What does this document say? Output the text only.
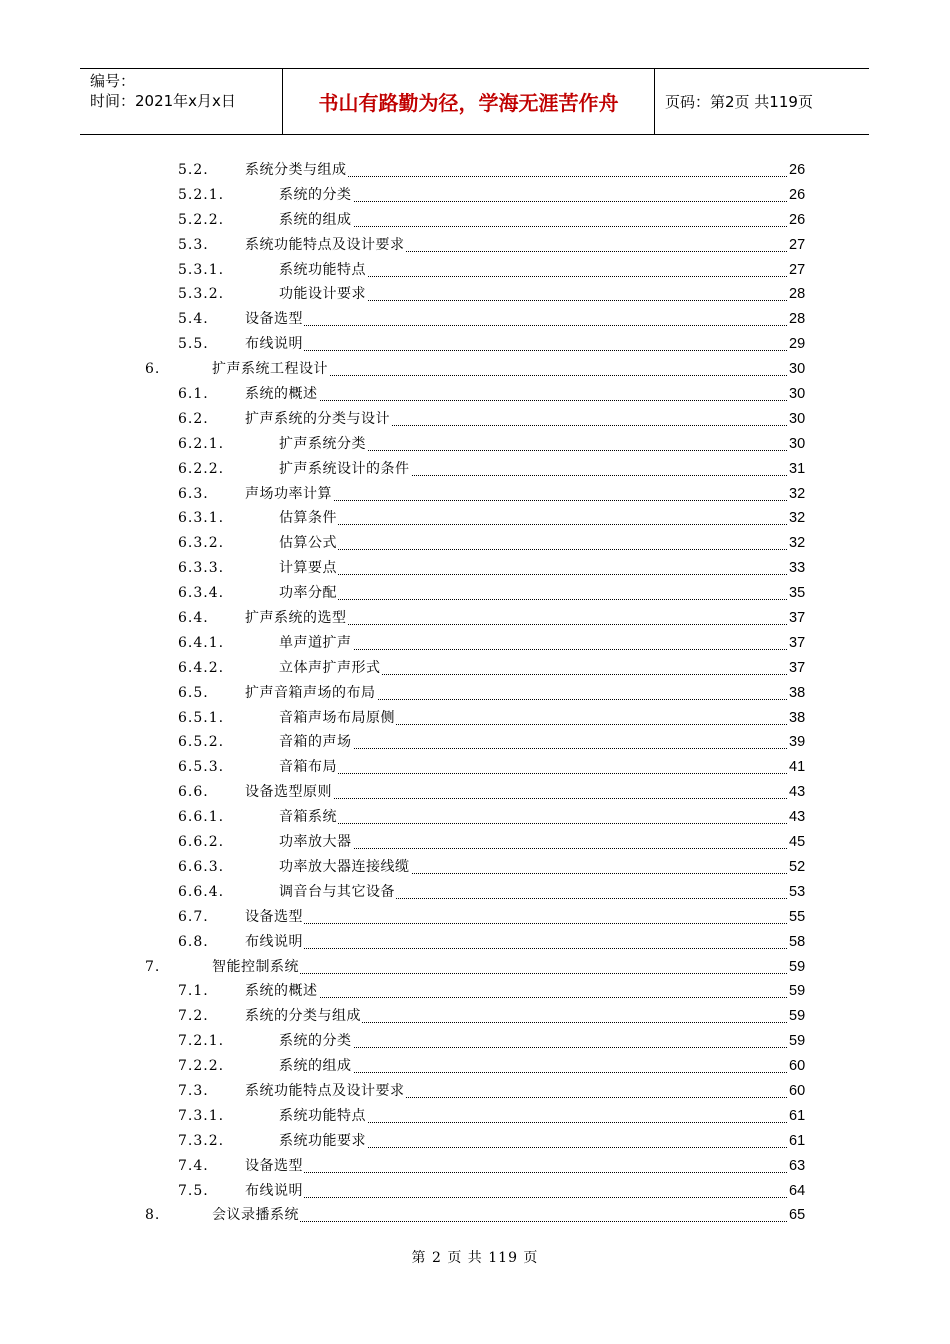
编号：
时间：2021年x月x日	书山有路勤为径，学海无涯苦作舟	页码：第2页 共119页
5.2.	系统分类与组成	26
5.2.1.	系统的分类	26
5.2.2.	系统的组成	26
5.3.	系统功能特点及设计要求	27
5.3.1.	系统功能特点	27
5.3.2.	功能设计要求	28
5.4.	设备选型	28
5.5.	布线说明	29
6.	扩声系统工程设计	30
6.1.	系统的概述	30
6.2.	扩声系统的分类与设计	30
6.2.1.	扩声系统分类	30
6.2.2.	扩声系统设计的条件	31
6.3.	声场功率计算	32
6.3.1.	估算条件	32
6.3.2.	估算公式	32
6.3.3.	计算要点	33
6.3.4.	功率分配	35
6.4.	扩声系统的选型	37
6.4.1.	单声道扩声	37
6.4.2.	立体声扩声形式	37
6.5.	扩声音箱声场的布局	38
6.5.1.	音箱声场布局原侧	38
6.5.2.	音箱的声场	39
6.5.3.	音箱布局	41
6.6.	设备选型原则	43
6.6.1.	音箱系统	43
6.6.2.	功率放大器	45
6.6.3.	功率放大器连接线缆	52
6.6.4.	调音台与其它设备	53
6.7.	设备选型	55
6.8.	布线说明	58
7.	智能控制系统	59
7.1.	系统的概述	59
7.2.	系统的分类与组成	59
7.2.1.	系统的分类	59
7.2.2.	系统的组成	60
7.3.	系统功能特点及设计要求	60
7.3.1.	系统功能特点	61
7.3.2.	系统功能要求	61
7.4.	设备选型	63
7.5.	布线说明	64
8.	会议录播系统	65
第 2 页 共 119 页
